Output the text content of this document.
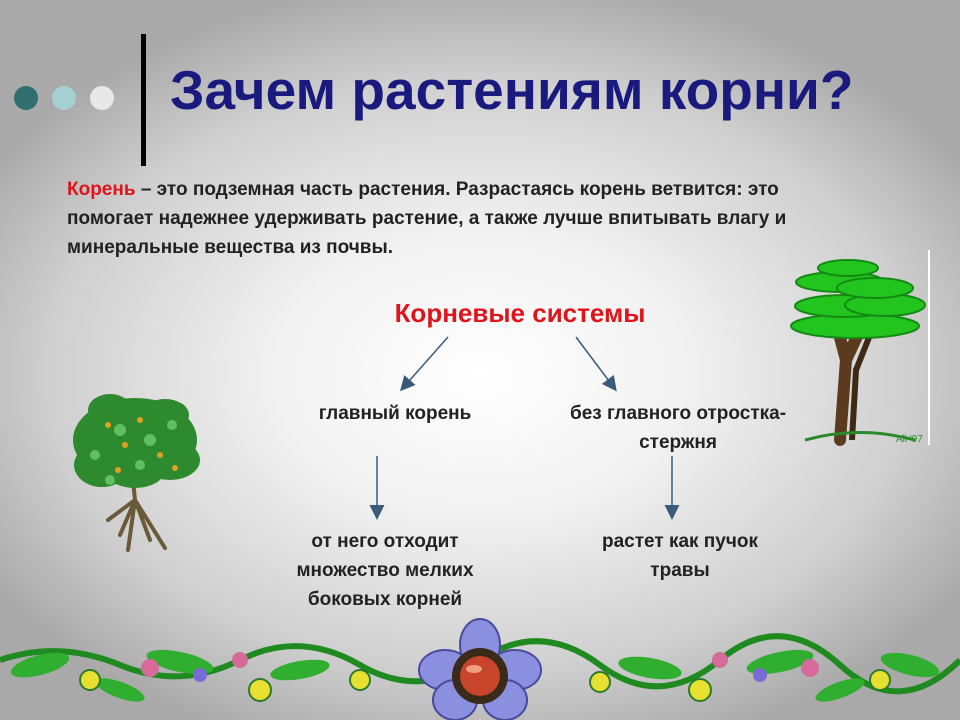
Зачем растениям корни?

Корень – это подземная часть растения. Разрастаясь корень ветвится: это помогает надежнее удерживать растение, а также лучше впитывать влагу и минеральные вещества из почвы.

Корневые системы
главный корень	без главного отростка-стержня
от него отходит множество мелких боковых корней
растет как пучок травы
Ali '97
